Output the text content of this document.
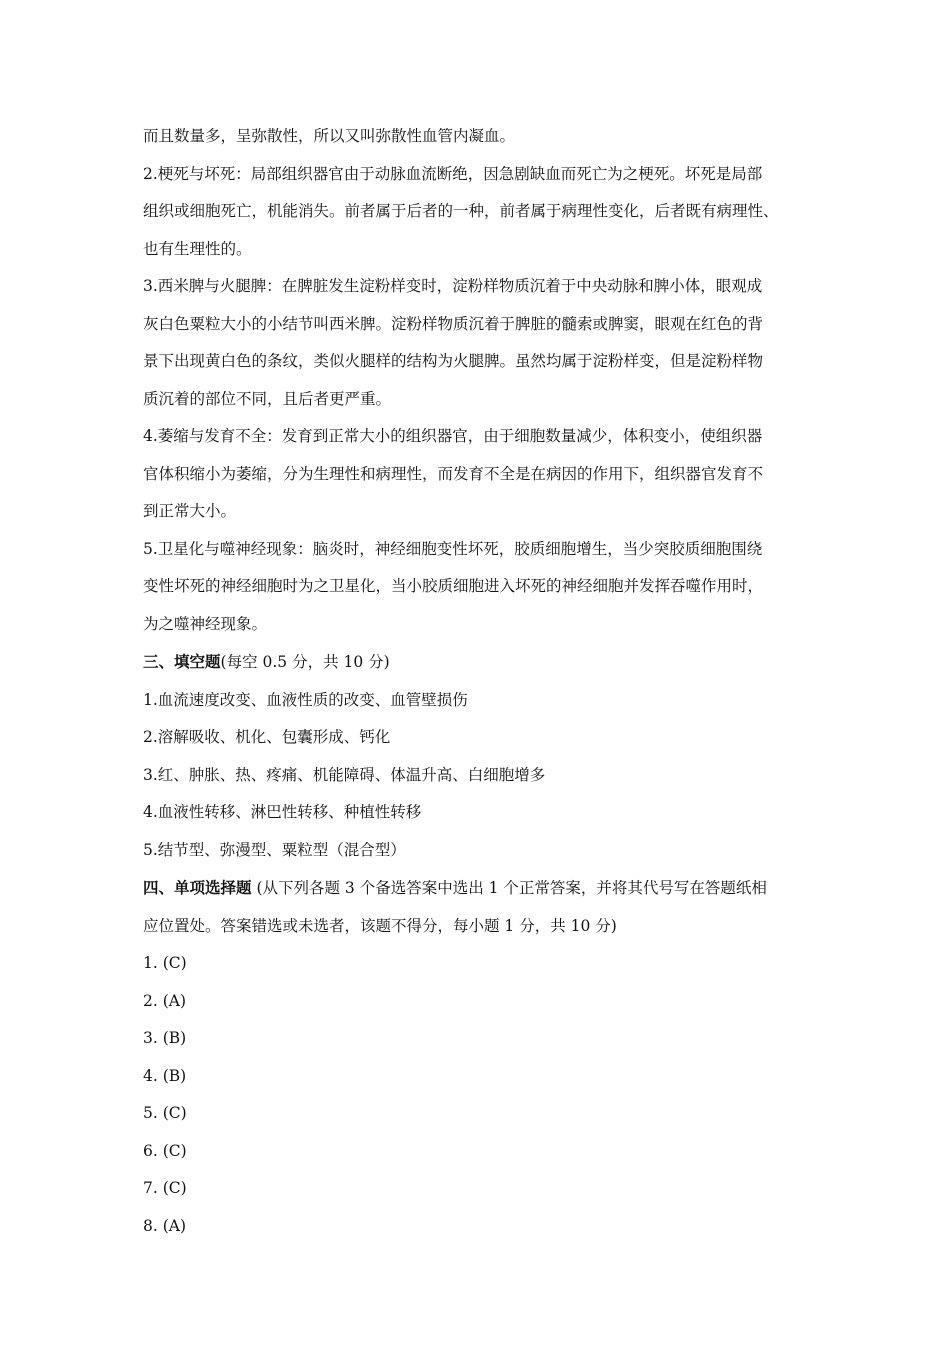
而且数量多，呈弥散性，所以又叫弥散性血管内凝血。

2.梗死与坏死：局部组织器官由于动脉血流断绝，因急剧缺血而死亡为之梗死。坏死是局部

组织或细胞死亡，机能消失。前者属于后者的一种，前者属于病理性变化，后者既有病理性、

也有生理性的。

3.西米脾与火腿脾：在脾脏发生淀粉样变时，淀粉样物质沉着于中央动脉和脾小体，眼观成

灰白色粟粒大小的小结节叫西米脾。淀粉样物质沉着于脾脏的髓索或脾窦，眼观在红色的背

景下出现黄白色的条纹，类似火腿样的结构为火腿脾。虽然均属于淀粉样变，但是淀粉样物

质沉着的部位不同，且后者更严重。

4.萎缩与发育不全：发育到正常大小的组织器官，由于细胞数量减少，体积变小，使组织器

官体积缩小为萎缩，分为生理性和病理性，而发育不全是在病因的作用下，组织器官发育不

到正常大小。

5.卫星化与噬神经现象：脑炎时，神经细胞变性坏死，胶质细胞增生，当少突胶质细胞围绕

变性坏死的神经细胞时为之卫星化，当小胶质细胞进入坏死的神经细胞并发挥吞噬作用时，

为之噬神经现象。

三、填空题(每空 0.5 分，共 10 分)

1.血流速度改变、血液性质的改变、血管壁损伤

2.溶解吸收、机化、包囊形成、钙化

3.红、肿胀、热、疼痛、机能障碍、体温升高、白细胞增多

4.血液性转移、淋巴性转移、种植性转移

5.结节型、弥漫型、粟粒型（混合型）

四、单项选择题 (从下列各题 3 个备选答案中选出 1 个正常答案，并将其代号写在答题纸相

应位置处。答案错选或未选者，该题不得分，每小题 1 分，共 10 分)

1. (C)

2. (A)

3. (B)

4. (B)

5. (C)

6. (C)

7. (C)

8. (A)
